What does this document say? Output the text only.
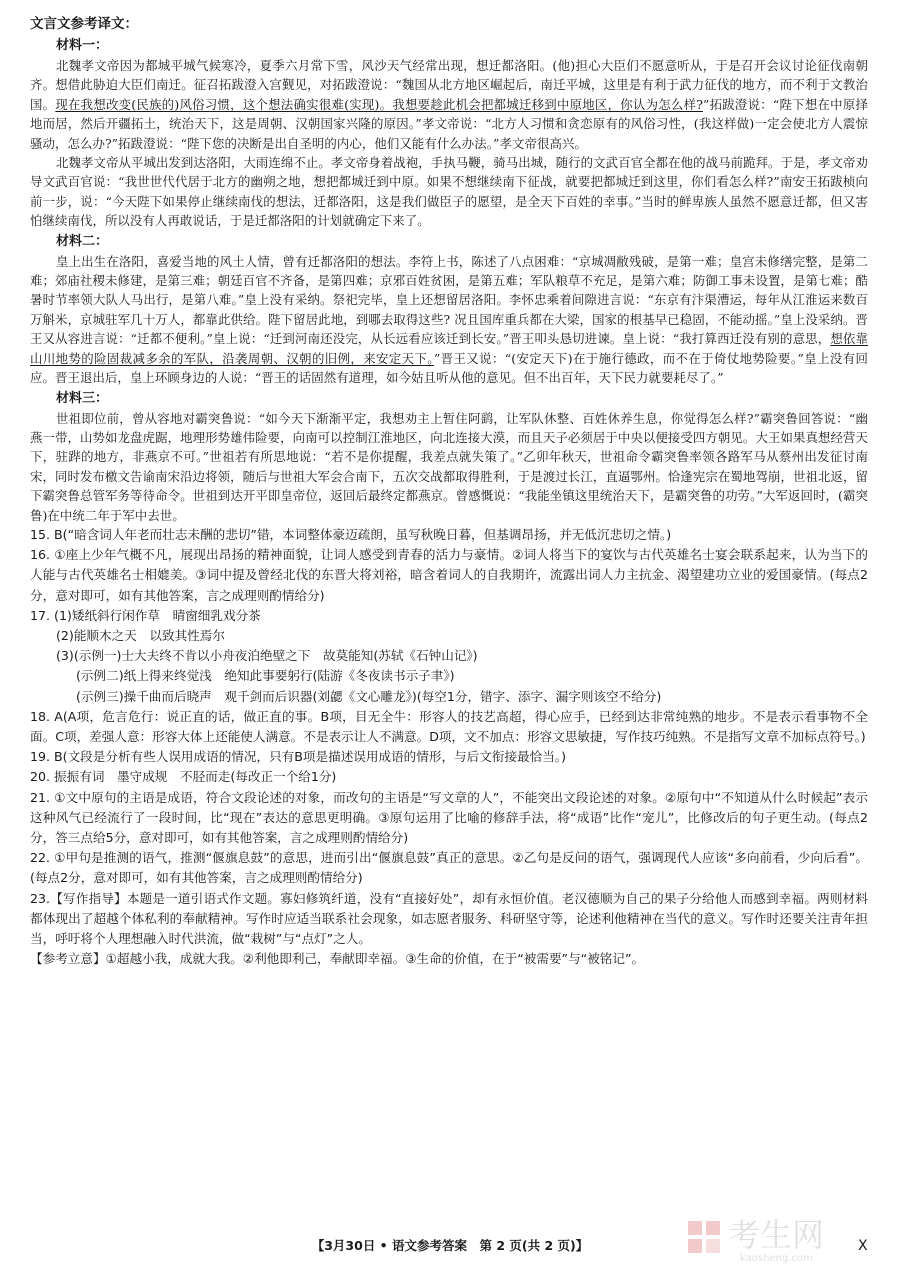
文言文参考译文：
材料一：

北魏孝文帝因为都城平城气候寒冷，夏季六月常下雪，风沙天气经常出现，想迁都洛阳。(他)担心大臣们不愿意听从，于是召开会议讨论征伐南朝齐。想借此胁迫大臣们南迁。征召拓跋澄入宫觐见，对拓跋澄说：“魏国从北方地区崛起后，南迁平城，这里是有利于武力征伐的地方，而不利于文教治国。现在我想改变(民族的)风俗习惯，这个想法确实很难(实现)。我想要趁此机会把都城迁移到中原地区，你认为怎么样?”拓跋澄说：“陛下想在中原择地而居，然后开疆拓土，统治天下，这是周朝、汉朝国家兴隆的原因。”孝文帝说：“北方人习惯和贪恋原有的风俗习性，(我这样做)一定会使北方人震惊骚动，怎么办?”拓跋澄说：“陛下您的决断是出自圣明的内心，他们又能有什么办法。”孝文帝很高兴。

北魏孝文帝从平城出发到达洛阳，大雨连绵不止。孝文帝身着战袍，手执马鞭，骑马出城，随行的文武百官全都在他的战马前跪拜。于是，孝文帝劝导文武百官说：“我世世代代居于北方的幽朔之地，想把都城迁到中原。如果不想继续南下征战，就要把都城迁到这里，你们看怎么样?”南安王拓跋桢向前一步，说：“今天陛下如果停止继续南伐的想法，迁都洛阳，这是我们做臣子的愿望，是全天下百姓的幸事。”当时的鲜卑族人虽然不愿意迁都，但又害怕继续南伐，所以没有人再敢说话，于是迁都洛阳的计划就确定下来了。

材料二：

皇上出生在洛阳，喜爱当地的风土人情，曾有迁都洛阳的想法。李符上书，陈述了八点困难：“京城凋敝残破，是第一难；皇宫未修缮完整，是第二难；郊庙社稷未修建，是第三难；朝廷百官不齐备，是第四难；京邪百姓贫困，是第五难；军队粮草不充足，是第六难；防御工事未设置，是第七难；酷暑时节率领大队人马出行，是第八难。”皇上没有采纳。祭祀完毕，皇上还想留居洛阳。李怀忠乘着间隙进言说：“东京有汴渠漕运，每年从江淮运来数百万斛米，京城驻军几十万人，都靠此供给。陛下留居此地，到哪去取得这些? 况且国库重兵都在大梁，国家的根基早已稳固，不能动摇。”皇上没采纳。晋王又从容进言说：“迁都不便利。”皇上说：“迁到河南还没完，从长远看应该迁到长安。”晋王叩头恳切进谏。皇上说：“我打算西迁没有别的意思，想依靠山川地势的险固裁减多余的军队，沿袭周朝、汉朝的旧例，来安定天下。”晋王又说：“(安定天下)在于施行德政，而不在于倚仗地势险要。”皇上没有回应。晋王退出后，皇上环顾身边的人说：“晋王的话固然有道理，如今姑且听从他的意见。但不出百年，天下民力就要耗尽了。”

材料三：

世祖即位前，曾从容地对霸突鲁说：“如今天下渐渐平定，我想劝主上暂住阿鹞，让军队休整、百姓休养生息，你觉得怎么样?”霸突鲁回答说：“幽燕一带，山势如龙盘虎踞，地理形势雄伟险要，向南可以控制江淮地区，向北连接大漠，而且天子必须居于中央以便接受四方朝见。大王如果真想经营天下，驻跸的地方，非燕京不可。”世祖若有所思地说：“若不是你提醒，我差点就失策了。”乙卯年秋天，世祖命令霸突鲁率领各路军马从蔡州出发征讨南宋，同时发布檄文告谕南宋沿边将领，随后与世祖大军会合南下，五次交战都取得胜利，于是渡过长江，直逼鄂州。恰逢宪宗在蜀地驾崩，世祖北返，留下霸突鲁总管军务等待命令。世祖到达开平即皇帝位，返回后最终定都燕京。曾感慨说：“我能坐镇这里统治天下，是霸突鲁的功劳。”大军返回时，(霸突鲁)在中统二年于军中去世。

15. B(“暗含词人年老而壮志未酬的悲切”错，本词整体豪迈疏朗，虽写秋晚日暮，但基调昂扬，并无低沉悲切之情。)

16. ①座上少年气概不凡，展现出昂扬的精神面貌，让词人感受到青春的活力与豪情。②词人将当下的宴饮与古代英雄名士宴会联系起来，认为当下的人能与古代英雄名士相媲美。③词中提及曾经北伐的东晋大将刘裕，暗含着词人的自我期许，流露出词人力主抗金、渴望建功立业的爱国豪情。(每点2分，意对即可，如有其他答案，言之成理则酌情给分)

17. (1)矮纸斜行闲作草　晴窗细乳戏分茶

(2)能顺木之天　以致其性焉尔

(3)(示例一)士大夫终不肯以小舟夜泊绝壁之下　故莫能知(苏轼《石钟山记》)

(示例二)纸上得来终觉浅　绝知此事要躬行(陆游《冬夜读书示子聿》)

(示例三)操千曲而后晓声　观千剑而后识器(刘勰《文心雕龙》)(每空1分，错字、添字、漏字则该空不给分)

18. A(A项，危言危行：说正直的话，做正直的事。B项，目无全牛：形容人的技艺高超，得心应手，已经到达非常纯熟的地步。不是表示看事物不全面。C项，差强人意：形容大体上还能使人满意。不是表示让人不满意。D项，文不加点：形容文思敏捷，写作技巧纯熟。不是指写文章不加标点符号。)

19. B(文段是分析有些人误用成语的情况，只有B项是描述误用成语的情形，与后文衔接最恰当。)

20. 振振有词　墨守成规　不胫而走(每改正一个给1分)

21. ①文中原句的主语是成语，符合文段论述的对象，而改句的主语是“写文章的人”，不能突出文段论述的对象。②原句中“不知道从什么时候起”表示这种风气已经流行了一段时间，比“现在”表达的意思更明确。③原句运用了比喻的修辞手法，将“成语”比作“宠儿”，比修改后的句子更生动。(每点2分，答三点给5分，意对即可，如有其他答案，言之成理则酌情给分)

22. ①甲句是推测的语气，推测“偃旗息鼓”的意思，进而引出“偃旗息鼓”真正的意思。②乙句是反问的语气，强调现代人应该“多向前看，少向后看”。(每点2分，意对即可，如有其他答案，言之成理则酌情给分)

23.【写作指导】本题是一道引语式作文题。寡妇修筑纤道，没有“直接好处”，却有永恒价值。老汉德顺为自己的果子分给他人而感到幸福。两则材料都体现出了超越个体私利的奉献精神。写作时应适当联系社会现象，如志愿者服务、科研坚守等，论述利他精神在当代的意义。写作时还要关注青年担当，呼吁将个人理想融入时代洪流，做“栽树”与“点灯”之人。

【参考立意】①超越小我，成就大我。②利他即利己，奉献即幸福。③生命的价值，在于“被需要”与“被铭记”。

【3月30日 • 语文参考答案　第 2 页(共 2 页)】	X
考生网
kaosheng.com
